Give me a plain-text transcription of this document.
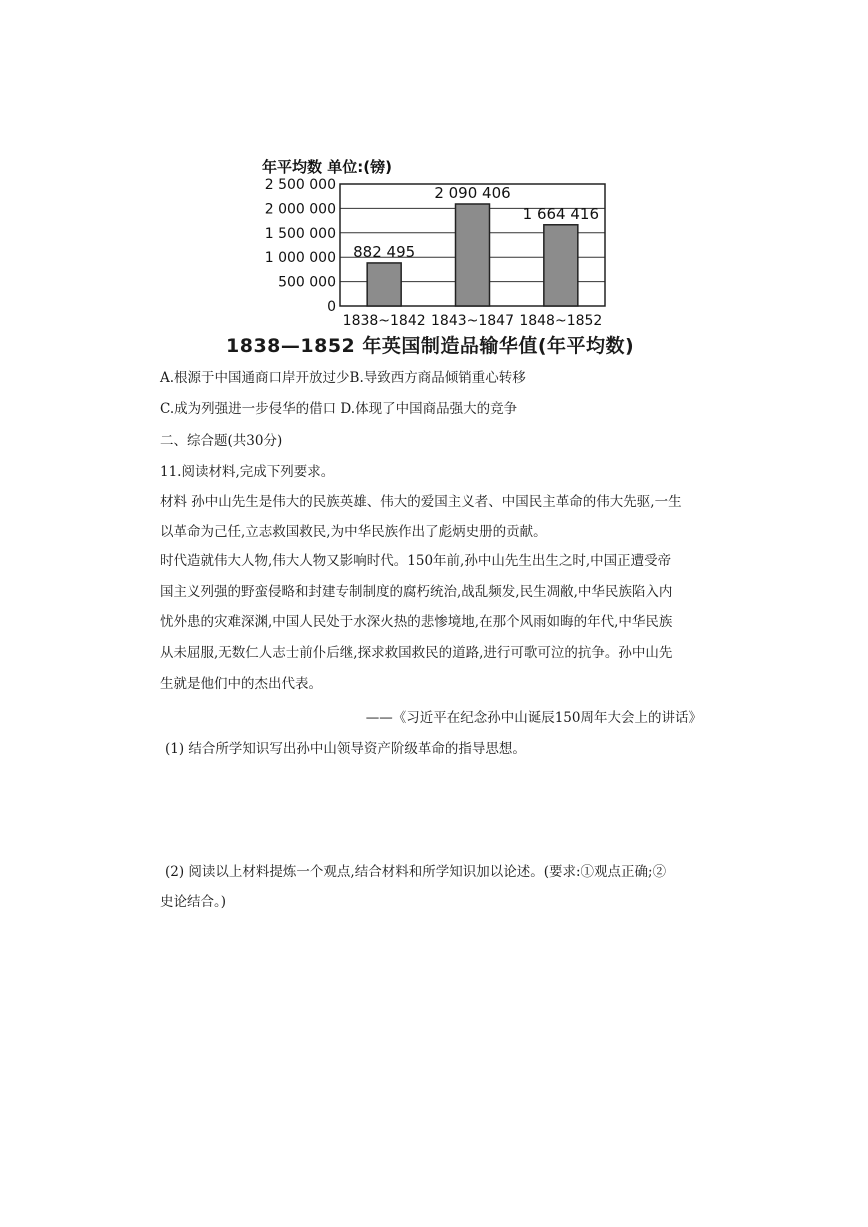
年平均数 单位:(镑)
0
500 000
1 000 000
1 500 000
2 000 000
2 500 000
882 495
1838~1842
2 090 406
1843~1847
1 664 416
1848~1852
1838—1852 年英国制造品输华值(年平均数)
A.根源于中国通商口岸开放过少B.导致西方商品倾销重心转移
C.成为列强进一步侵华的借口 D.体现了中国商品强大的竞争
二、综合题(共30分)
11.阅读材料,完成下列要求。
材料 孙中山先生是伟大的民族英雄、伟大的爱国主义者、中国民主革命的伟大先驱,一生
以革命为己任,立志救国救民,为中华民族作出了彪炳史册的贡献。
时代造就伟大人物,伟大人物又影响时代。150年前,孙中山先生出生之时,中国正遭受帝
国主义列强的野蛮侵略和封建专制制度的腐朽统治,战乱频发,民生凋敝,中华民族陷入内
忧外患的灾难深渊,中国人民处于水深火热的悲惨境地,在那个风雨如晦的年代,中华民族
从未屈服,无数仁人志士前仆后继,探求救国救民的道路,进行可歌可泣的抗争。孙中山先
生就是他们中的杰出代表。
——《习近平在纪念孙中山诞辰150周年大会上的讲话》
(1) 结合所学知识写出孙中山领导资产阶级革命的指导思想。
(2) 阅读以上材料提炼一个观点,结合材料和所学知识加以论述。(要求:①观点正确;②
史论结合。)
